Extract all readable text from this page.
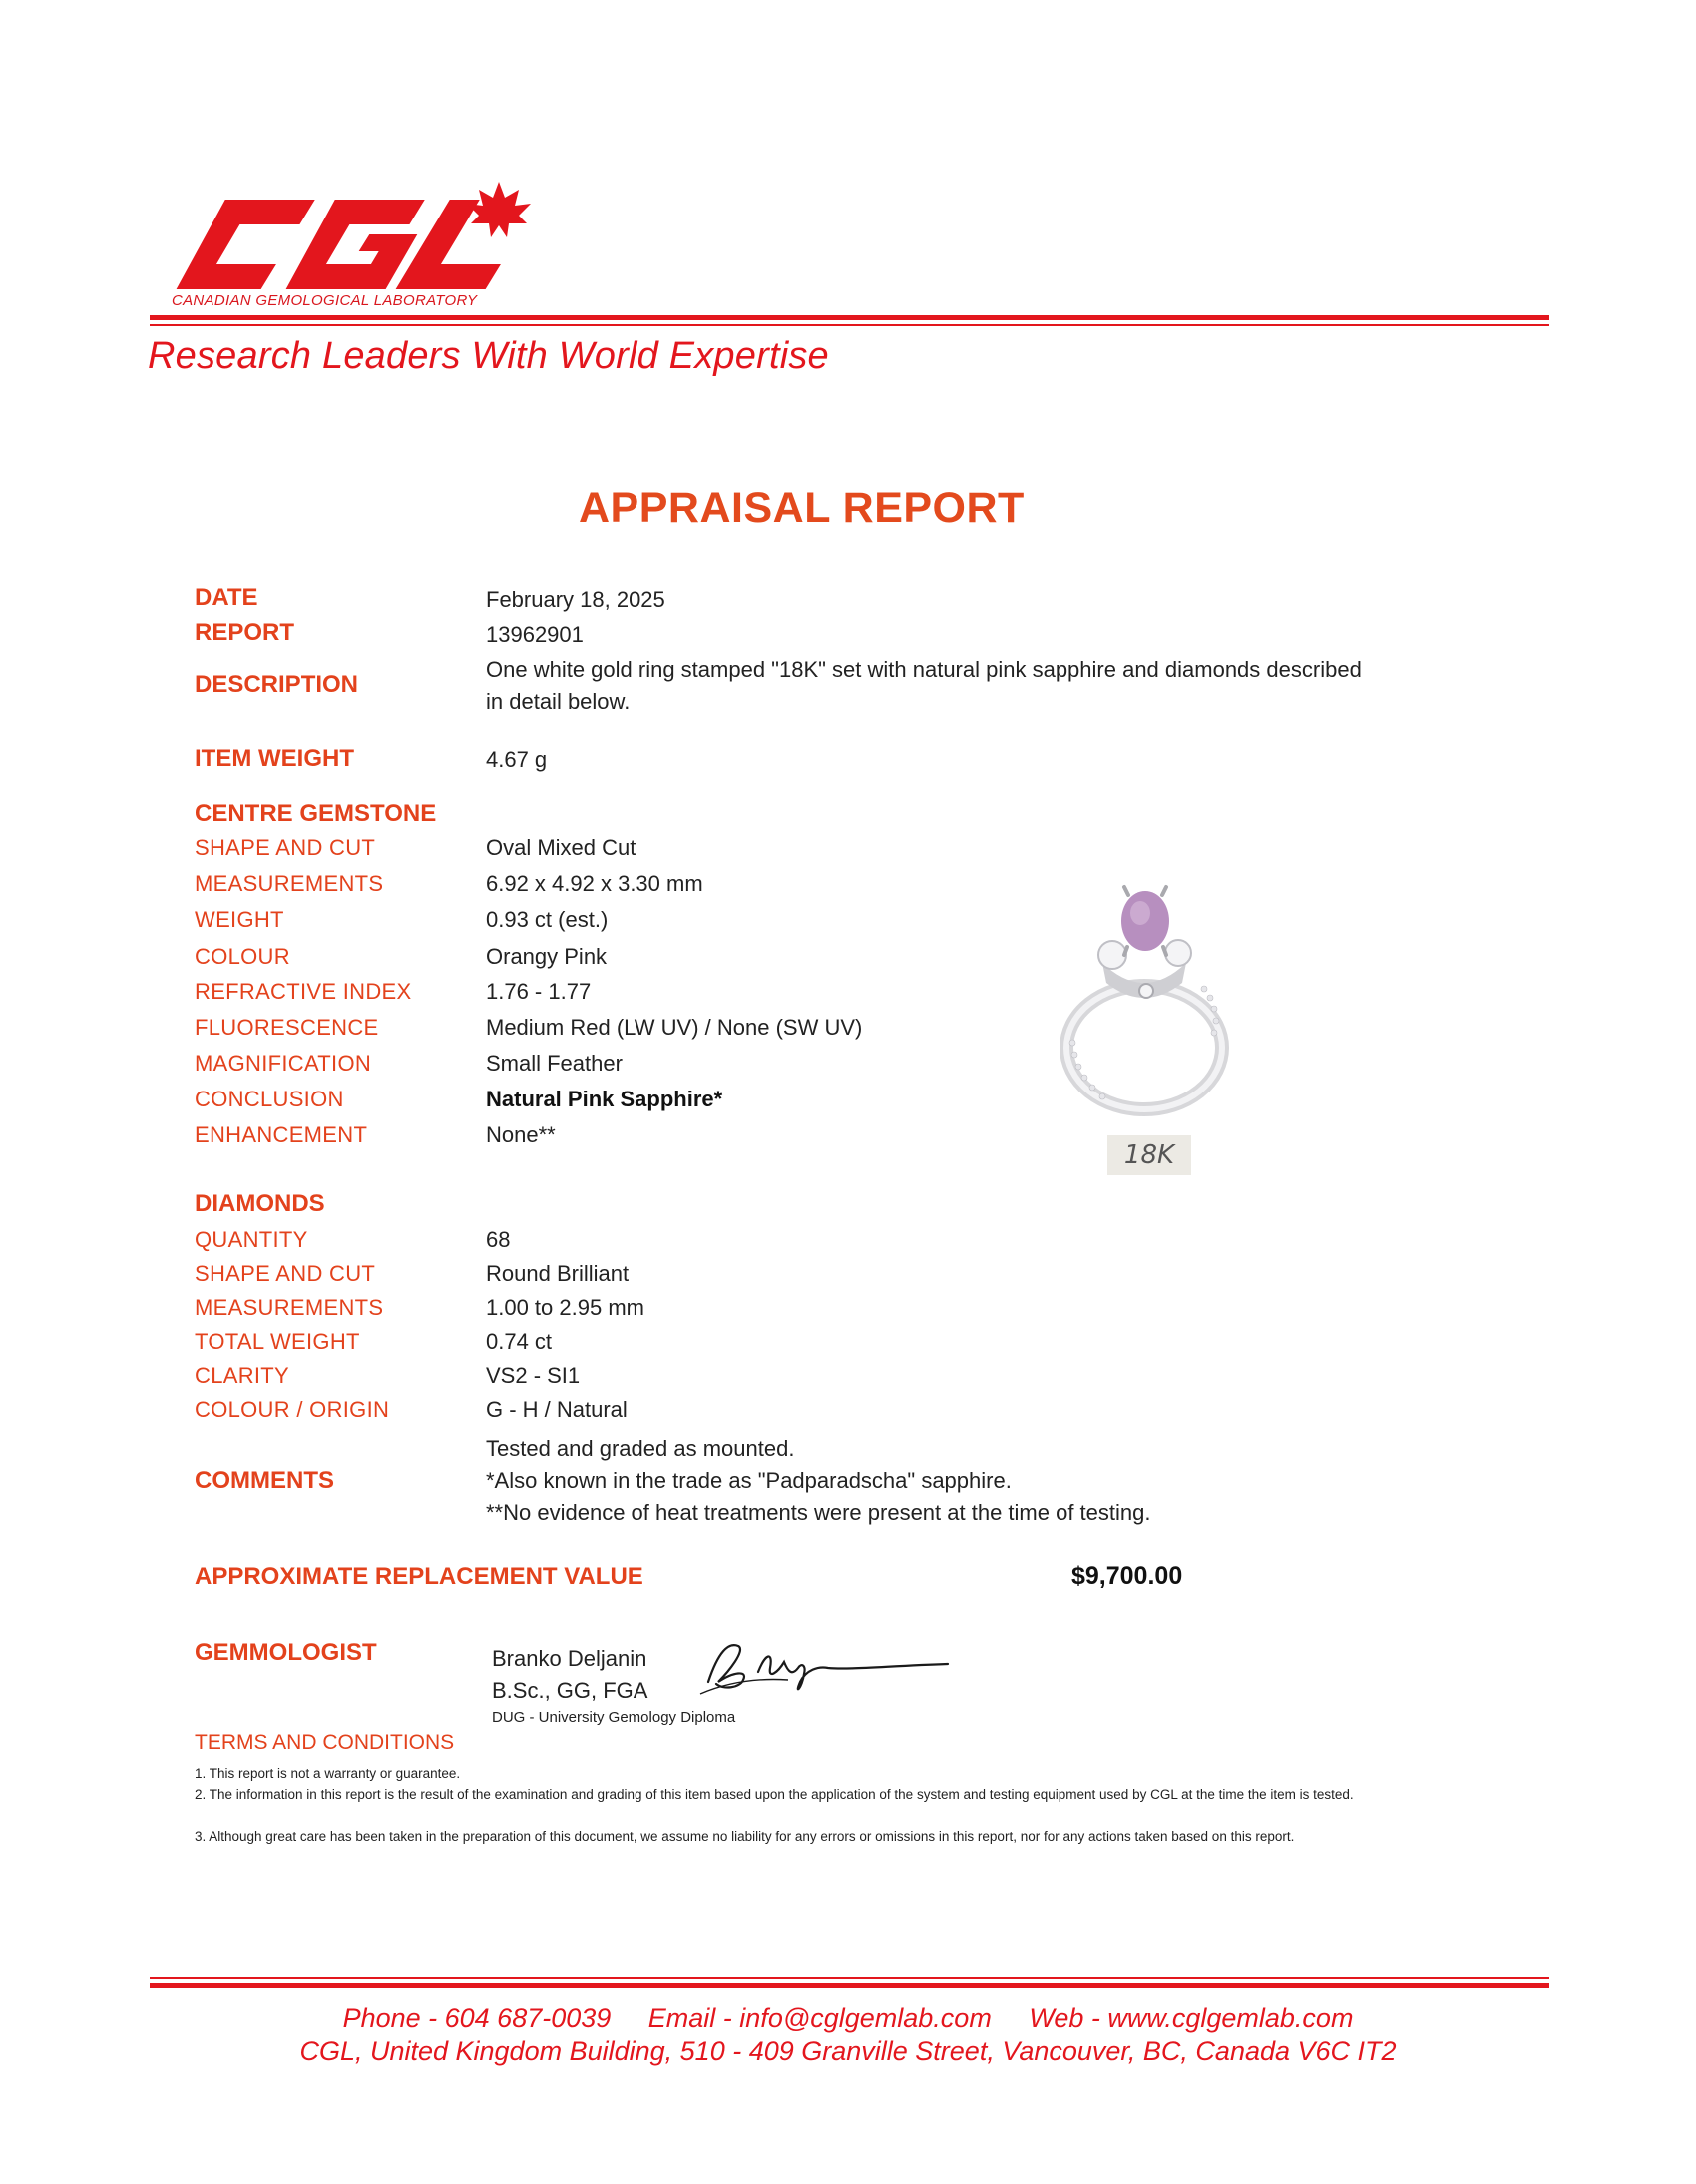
CANADIAN GEMOLOGICAL LABORATORY
Research Leaders With World Expertise
APPRAISAL REPORT
DATE	February 18, 2025
REPORT	13962901
DESCRIPTION
One white gold ring stamped "18K" set with natural pink sapphire and diamonds described in detail below.
ITEM WEIGHT	4.67 g
CENTRE GEMSTONE
SHAPE AND CUT	Oval Mixed Cut
MEASUREMENTS	6.92 x 4.92 x 3.30 mm
WEIGHT	0.93 ct (est.)
COLOUR	Orangy Pink
REFRACTIVE INDEX	1.76 - 1.77
FLUORESCENCE	Medium Red (LW UV) / None (SW UV)
MAGNIFICATION	Small Feather
CONCLUSION	Natural Pink Sapphire*
ENHANCEMENT	None**
18K
DIAMONDS
QUANTITY	68
SHAPE AND CUT	Round Brilliant
MEASUREMENTS	1.00 to 2.95 mm
TOTAL WEIGHT	0.74 ct
CLARITY	VS2 - SI1
COLOUR / ORIGIN	G - H / Natural
Tested and graded as mounted.
COMMENTS	*Also known in the trade as "Padparadscha" sapphire.
**No evidence of heat treatments were present at the time of testing.
APPROXIMATE REPLACEMENT VALUE	$9,700.00
GEMMOLOGIST	Branko Deljanin
B.Sc., GG, FGA
DUG - University Gemology Diploma
TERMS AND CONDITIONS
1. This report is not a warranty or guarantee.
2. The information in this report is the result of the examination and grading of this item based upon the application of the system and testing equipment used by CGL at the time the item is tested.
3. Although great care has been taken in the preparation of this document, we assume no liability for any errors or omissions in this report, nor for any actions taken based on this report.
Phone - 604 687-0039     Email - info@cglgemlab.com     Web - www.cglgemlab.com
CGL, United Kingdom Building, 510 - 409 Granville Street, Vancouver, BC, Canada V6C IT2
